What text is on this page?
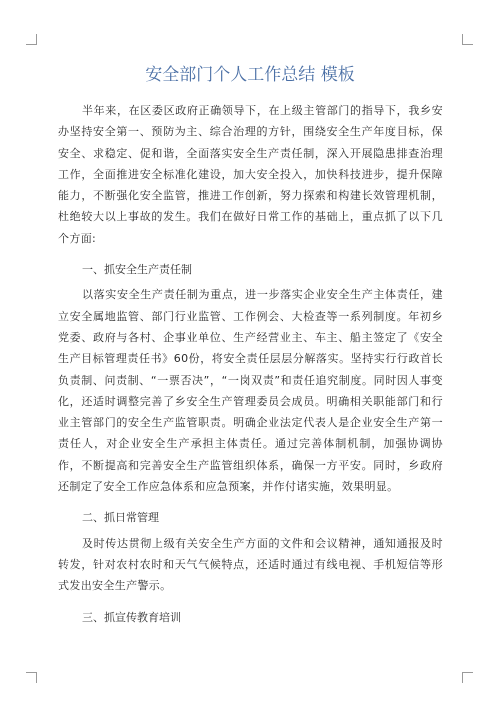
安全部门个人工作总结 模板

半年来，在区委区政府正确领导下，在上级主管部门的指导下，我乡安办坚持安全第一、预防为主、综合治理的方针，围绕安全生产年度目标，保安全、求稳定、促和谐，全面落实安全生产责任制，深入开展隐患排查治理工作，全面推进安全标准化建设，加大安全投入，加快科技进步，提升保障能力，不断强化安全监管，推进工作创新，努力探索和构建长效管理机制，杜绝较大以上事故的发生。我们在做好日常工作的基础上，重点抓了以下几个方面:

一、抓安全生产责任制

以落实安全生产责任制为重点，进一步落实企业安全生产主体责任，建立安全属地监管、部门行业监管、工作例会、大检查等一系列制度。年初乡党委、政府与各村、企事业单位、生产经营业主、车主、船主签定了《安全生产目标管理责任书》60份，将安全责任层层分解落实。坚持实行行政首长负责制、问责制、“一票否决”，“一岗双责”和责任追究制度。同时因人事变化，还适时调整完善了乡安全生产管理委员会成员。明确相关职能部门和行业主管部门的安全生产监管职责。明确企业法定代表人是企业安全生产第一责任人，对企业安全生产承担主体责任。通过完善体制机制，加强协调协作，不断提高和完善安全生产监管组织体系，确保一方平安。同时，乡政府还制定了安全工作应急体系和应急预案，并作付诸实施，效果明显。

二、抓日常管理

及时传达贯彻上级有关安全生产方面的文件和会议精神，通知通报及时转发，针对农村农时和天气气候特点，还适时通过有线电视、手机短信等形式发出安全生产警示。

三、抓宣传教育培训
